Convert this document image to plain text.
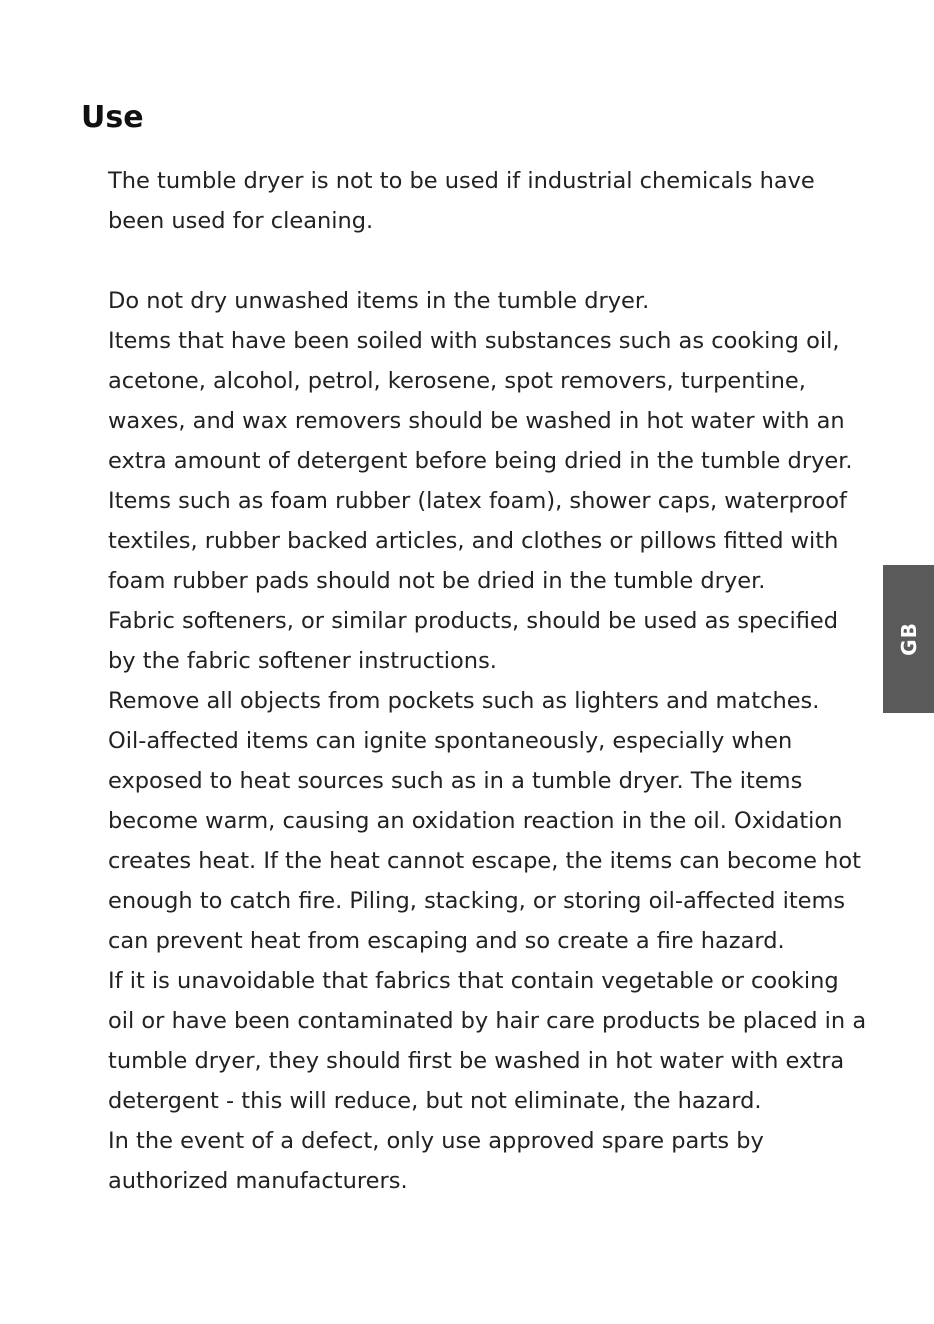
Use

The tumble dryer is not to be used if industrial chemicals have been used for cleaning.

Do not dry unwashed items in the tumble dryer.

Items that have been soiled with substances such as cooking oil, acetone, alcohol, petrol, kerosene, spot removers, turpentine, waxes, and wax removers should be washed in hot water with an extra amount of detergent before being dried in the tumble dryer.

Items such as foam rubber (latex foam), shower caps, waterproof textiles, rubber backed articles, and clothes or pillows fitted with foam rubber pads should not be dried in the tumble dryer.

Fabric softeners, or similar products, should be used as specified by the fabric softener instructions.

Remove all objects from pockets such as lighters and matches.

Oil-affected items can ignite spontaneously, especially when exposed to heat sources such as in a tumble dryer. The items become warm, causing an oxidation reaction in the oil. Oxidation creates heat. If the heat cannot escape, the items can become hot enough to catch fire. Piling, stacking, or storing oil-affected items can prevent heat from escaping and so create a fire hazard.

If it is unavoidable that fabrics that contain vegetable or cooking oil or have been contaminated by hair care products be placed in a tumble dryer, they should first be washed in hot water with extra detergent - this will reduce, but not eliminate, the hazard.

In the event of a defect, only use approved spare parts by authorized manufacturers.

GB
